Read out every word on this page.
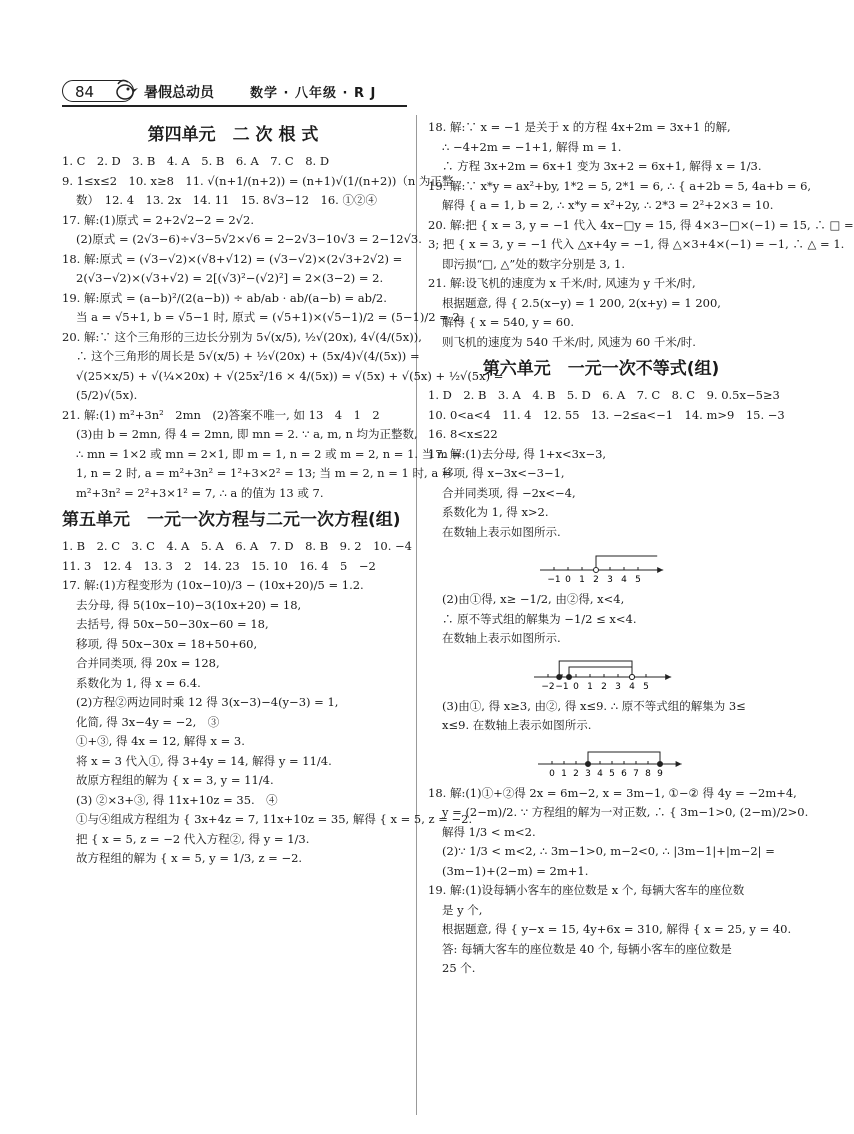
84	暑假总动员	数学 · 八年级 · R J
第四单元　二 次 根 式
1. C　2. D　3. B　4. A　5. B　6. A　7. C　8. D
9. 1≤x≤2　10. x≥8　11. √(n+1/(n+2)) = (n+1)√(1/(n+2))（n 为正整
数）　12. 4　13. 2x　14. 11　15. 8√3−12　16. ①②④
17. 解:(1)原式 = 2+2√2−2 = 2√2.
(2)原式 = (2√3−6)÷√3−5√2×√6 = 2−2√3−10√3 = 2−12√3.
18. 解:原式 = (√3−√2)×(√8+√12) = (√3−√2)×(2√3+2√2) =
2(√3−√2)×(√3+√2) = 2[(√3)²−(√2)²] = 2×(3−2) = 2.
19. 解:原式 = (a−b)²/(2(a−b)) ÷ ab/ab · ab/(a−b) = ab/2.
当 a = √5+1, b = √5−1 时, 原式 = (√5+1)×(√5−1)/2 = (5−1)/2 = 2.
20. 解:∵ 这个三角形的三边长分别为 5√(x/5), ½√(20x), 4√(4/(5x)),
∴ 这个三角形的周长是 5√(x/5) + ½√(20x) + (5x/4)√(4/(5x)) =
√(25×x/5) + √(¼×20x) + √(25x²/16 × 4/(5x)) = √(5x) + √(5x) + ½√(5x) =
(5/2)√(5x).
21. 解:(1) m²+3n²　2mn　(2)答案不唯一, 如 13　4　1　2
(3)由 b = 2mn, 得 4 = 2mn, 即 mn = 2. ∵ a, m, n 均为正整数,
∴ mn = 1×2 或 mn = 2×1, 即 m = 1, n = 2 或 m = 2, n = 1. 当 m =
1, n = 2 时, a = m²+3n² = 1²+3×2² = 13; 当 m = 2, n = 1 时, a =
m²+3n² = 2²+3×1² = 7, ∴ a 的值为 13 或 7.
第五单元　一元一次方程与二元一次方程(组)
1. B　2. C　3. C　4. A　5. A　6. A　7. D　8. B　9. 2　10. −4
11. 3　12. 4　13. 3　2　14. 23　15. 10　16. 4　5　−2
17. 解:(1)方程变形为 (10x−10)/3 − (10x+20)/5 = 1.2.
去分母, 得 5(10x−10)−3(10x+20) = 18,
去括号, 得 50x−50−30x−60 = 18,
移项, 得 50x−30x = 18+50+60,
合并同类项, 得 20x = 128,
系数化为 1, 得 x = 6.4.
(2)方程②两边同时乘 12 得 3(x−3)−4(y−3) = 1,
化简, 得 3x−4y = −2,　③
①+③, 得 4x = 12, 解得 x = 3.
将 x = 3 代入①, 得 3+4y = 14, 解得 y = 11/4.
故原方程组的解为 { x = 3, y = 11/4.
(3) ②×3+③, 得 11x+10z = 35.　④
①与④组成方程组为 { 3x+4z = 7, 11x+10z = 35, 解得 { x = 5, z = −2.
把 { x = 5, z = −2 代入方程②, 得 y = 1/3.
故方程组的解为 { x = 5, y = 1/3, z = −2.
18. 解:∵ x = −1 是关于 x 的方程 4x+2m = 3x+1 的解,
∴ −4+2m = −1+1, 解得 m = 1.
∴ 方程 3x+2m = 6x+1 变为 3x+2 = 6x+1, 解得 x = 1/3.
19. 解:∵ x*y = ax²+by, 1*2 = 5, 2*1 = 6, ∴ { a+2b = 5, 4a+b = 6,
解得 { a = 1, b = 2, ∴ x*y = x²+2y, ∴ 2*3 = 2²+2×3 = 10.
20. 解:把 { x = 3, y = −1 代入 4x−□y = 15, 得 4×3−□×(−1) = 15, ∴ □ =
3; 把 { x = 3, y = −1 代入 △x+4y = −1, 得 △×3+4×(−1) = −1, ∴ △ = 1.
即污损“□, △”处的数字分别是 3, 1.
21. 解:设飞机的速度为 x 千米/时, 风速为 y 千米/时,
根据题意, 得 { 2.5(x−y) = 1 200, 2(x+y) = 1 200,
解得 { x = 540, y = 60.
则飞机的速度为 540 千米/时, 风速为 60 千米/时.
第六单元　一元一次不等式(组)
1. D　2. B　3. A　4. B　5. D　6. A　7. C　8. C　9. 0.5x−5≥3
10. 0<a<4　11. 4　12. 55　13. −2≤a<−1　14. m>9　15. −3
16. 8<x≤22
17. 解:(1)去分母, 得 1+x<3x−3,
移项, 得 x−3x<−3−1,
合并同类项, 得 −2x<−4,
系数化为 1, 得 x>2.
在数轴上表示如图所示.
−1 0 1 2 3 4 5
(2)由①得, x≥ −1/2, 由②得, x<4,
∴ 原不等式组的解集为 −1/2 ≤ x<4.
在数轴上表示如图所示.
−2 −1 0 1 2 3 4 5
(3)由①, 得 x≥3, 由②, 得 x≤9. ∴ 原不等式组的解集为 3≤
x≤9. 在数轴上表示如图所示.
0 1 2 3 4 5 6 7 8 9
18. 解:(1)①+②得 2x = 6m−2, x = 3m−1, ①−② 得 4y = −2m+4,
y = (2−m)/2. ∵ 方程组的解为一对正数, ∴ { 3m−1>0, (2−m)/2>0.
解得 1/3 < m<2.
(2)∵ 1/3 < m<2, ∴ 3m−1>0, m−2<0, ∴ |3m−1|+|m−2| =
(3m−1)+(2−m) = 2m+1.
19. 解:(1)设每辆小客车的座位数是 x 个, 每辆大客车的座位数
是 y 个,
根据题意, 得 { y−x = 15, 4y+6x = 310, 解得 { x = 25, y = 40.
答: 每辆大客车的座位数是 40 个, 每辆小客车的座位数是
25 个.
